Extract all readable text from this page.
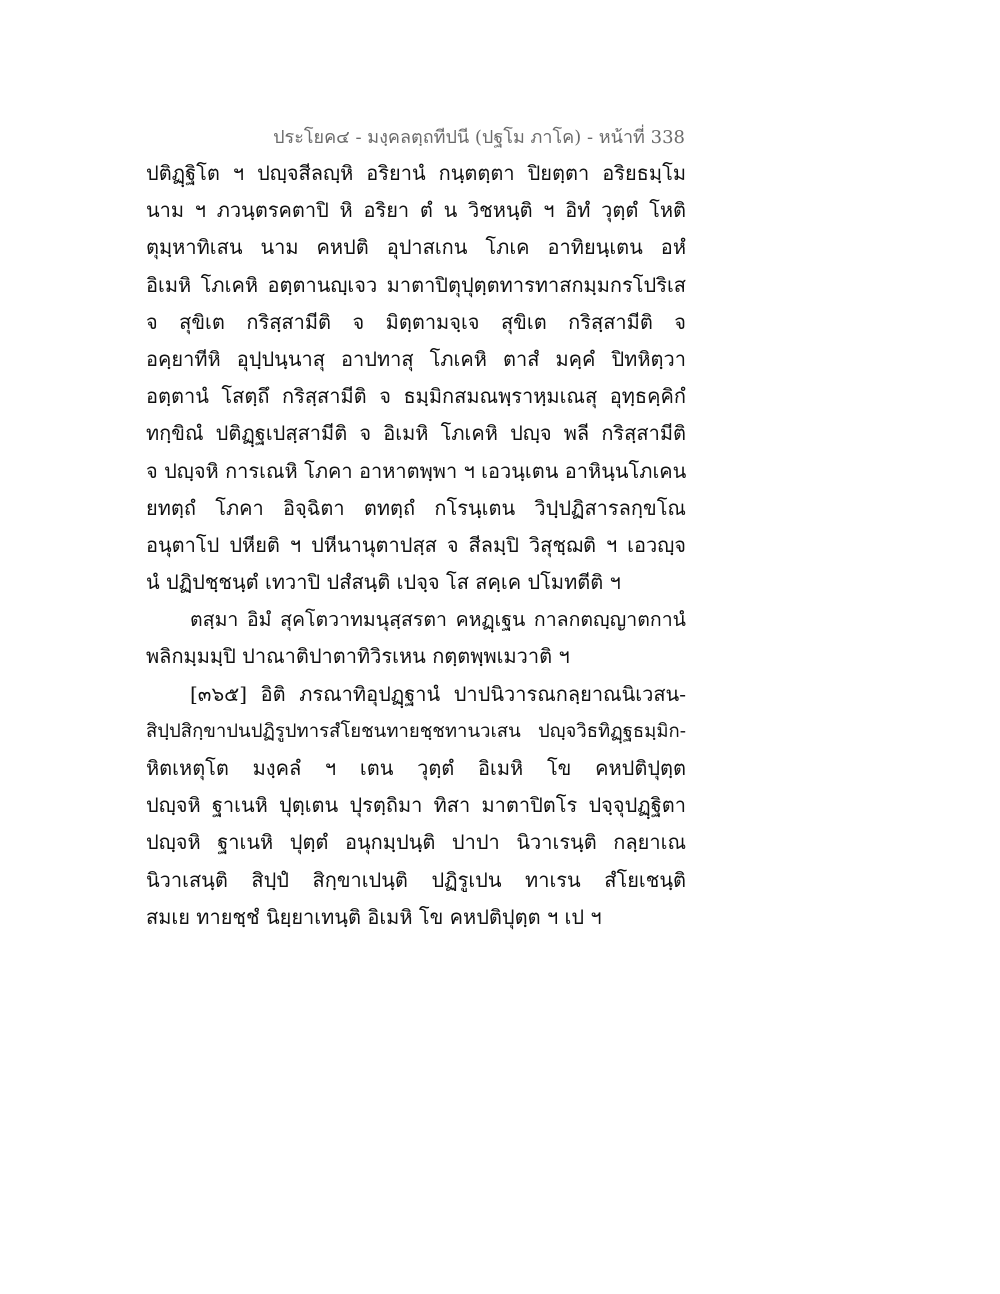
ประโยค๔ - มงฺคลตฺถทีปนี (ปฐโม ภาโค) - หน้าที่ 338
ปติฏฺฐิโต ฯ ปญฺจสีลญฺหิ อริยานํ กนฺตตฺตา ปิยตฺตา อริยธมฺโม
นาม ฯ ภวนฺตรคตาปิ หิ อริยา ตํ น วิชหนฺติ ฯ อิทํ วุตฺตํ โหติ
ตุมฺหาทิเสน นาม คหปติ อุปาสเกน โภเค อาทิยนฺเตน อหํ
อิเมหิ โภเคหิ อตฺตานญฺเจว มาตาปิตุปุตฺตทารทาสกมฺมกรโปริเส
จ สุขิเต กริสฺสามีติ จ มิตฺตามจฺเจ สุขิเต กริสฺสามีติ จ
อคฺยาทีหิ อุปฺปนฺนาสุ อาปทาสุ โภเคหิ ตาสํ มคฺคํ ปิทหิตฺวา
อตฺตานํ โสตฺถึ กริสฺสามีติ จ ธมฺมิกสมณพฺราหฺมเณสุ อุทฺธคฺคิกํ
ทกฺขิณํ ปติฏฺฐเปสฺสามีติ จ อิเมหิ โภเคหิ ปญฺจ พลี กริสฺสามีติ
จ ปญฺจหิ การเณหิ โภคา อาหาตพฺพา ฯ เอวนฺเตน อาหินฺนโภเคน
ยทตฺถํ โภคา อิจฺฉิตา ตทตฺถํ กโรนฺเตน วิปฺปฏิสารลกฺขโณ
อนุตาโป ปหียติ ฯ ปหีนานุตาปสฺส จ สีลมฺปิ วิสุชฺฌติ ฯ เอวญฺจ
นํ ปฏิปชฺชนฺตํ เทวาปิ ปสํสนฺติ เปจฺจ โส สคฺเค ปโมทตีติ ฯ
ตสฺมา อิมํ สุคโตวาทมนุสฺสรตา คหฏฺเฐน กาลกตญฺญาตกานํ
พลิกมฺมมฺปิ ปาณาติปาตาทิวิรเหน กตฺตพฺพเมวาติ ฯ
[๓๖๕] อิติ ภรณาทิอุปฏฺฐานํ ปาปนิวารณกลฺยาณนิเวสน-
สิปฺปสิกฺขาปนปฏิรูปทารสํโยชนทายชฺชทานวเสน ปญฺจวิธทิฏฺฐธมฺมิก-
หิตเหตุโต มงฺคลํ ฯ เตน วุตฺตํ อิเมหิ โข คหปติปุตฺต
ปญฺจหิ ฐาเนหิ ปุตฺเตน ปุรตฺถิมา ทิสา มาตาปิตโร ปจฺจุปฏฺฐิตา
ปญฺจหิ ฐาเนหิ ปุตฺตํ อนุกมฺปนฺติ ปาปา นิวาเรนฺติ กลฺยาเณ
นิวาเสนฺติ สิปฺปํ สิกฺขาเปนฺติ ปฏิรูเปน ทาเรน สํโยเชนฺติ
สมเย ทายชฺชํ นิยฺยาเทนฺติ อิเมหิ โข คหปติปุตฺต ฯ เป ฯ
